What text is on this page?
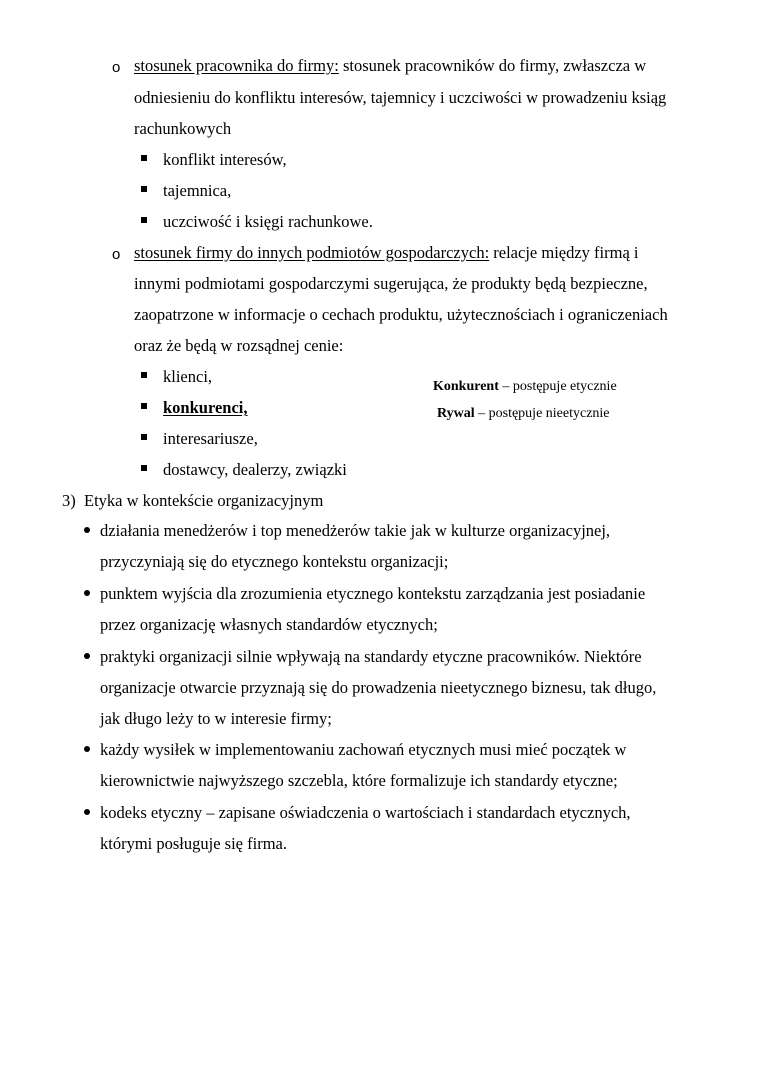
o stosunek pracownika do firmy: stosunek pracowników do firmy, zwłaszcza w
odniesieniu do konfliktu interesów, tajemnicy i uczciwości w prowadzeniu ksiąg
rachunkowych
konflikt interesów,
tajemnica,
uczciwość i księgi rachunkowe.
o stosunek firmy do innych podmiotów gospodarczych: relacje między firmą i
innymi podmiotami gospodarczymi sugerująca, że produkty będą bezpieczne,
zaopatrzone w informacje o cechach produktu, użytecznościach i ograniczeniach
oraz że będą w rozsądnej cenie:
klienci,
konkurenci,
interesariusze,
dostawcy, dealerzy, związki
Konkurent – postępuje etycznie
Rywal – postępuje nieetycznie
3) Etyka w kontekście organizacyjnym
działania menedżerów i top menedżerów takie jak w kulturze organizacyjnej,
przyczyniają się do etycznego kontekstu organizacji;
punktem wyjścia dla zrozumienia etycznego kontekstu zarządzania jest posiadanie
przez organizację własnych standardów etycznych;
praktyki organizacji silnie wpływają na standardy etyczne pracowników. Niektóre
organizacje otwarcie przyznają się do prowadzenia nieetycznego biznesu, tak długo,
jak długo leży to w interesie firmy;
każdy wysiłek w implementowaniu zachowań etycznych musi mieć początek w
kierownictwie najwyższego szczebla, które formalizuje ich standardy etyczne;
kodeks etyczny – zapisane oświadczenia o wartościach i standardach etycznych,
którymi posługuje się firma.
